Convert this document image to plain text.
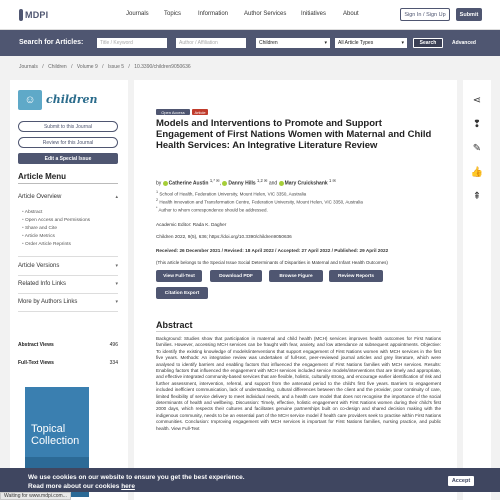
MDPI	Journals	Topics	Information	Author Services Initiatives	About	Sign In / Sign Up	Submit
Search for Articles:	Title / Keyword	Author / Affiliation	Children	▾ All Article Types	▾	Search	Advanced
Journals / Children / Volume 9 / Issue 5 / 10.3390/children9050636
☺ children
Submit to this Journal
Review for this Journal
Edit a Special Issue
Article Menu
Article Overview	▴
• Abstract
• Open Access and Permissions
• Share and Cite
• Article Metrics
• Order Article Reprints
Article Versions	▾
Related Info Links	▾
More by Authors Links	▾
Abstract Views	496
Full-Text Views	334
Topical Collection
Open Access	Article
Models and Interventions to Promote and Support Engagement of First Nations Women with Maternal and Child Health Services: An Integrative Literature Review
by Catherine Austin $^{1,* ✉}$, Danny Hills $^{1,2 ✉}$ and Mary Cruickshank $^{1 ✉}$
$^1$ School of Health, Federation University, Mount Helen, VIC 3350, Australia
$^2$ Health Innovation and Transformation Centre, Federation University, Mount Helen, VIC 3350, Australia
* Author to whom correspondence should be addressed.
Academic Editor: Rada K. Dagher
Children 2022, 9(5), 636; https://doi.org/10.3390/children9050636
Received: 26 December 2021 / Revised: 18 April 2022 / Accepted: 27 April 2022 / Published: 29 April 2022
(This article belongs to the Special Issue Social Determinants of Disparities in Maternal and Infant Health Outcomes)
View Full-Text	Download PDF	Browse Figure	Review Reports
Citation Export
Abstract
Background: Studies show that participation in maternal and child health (MCH) services improves health outcomes for First Nations families. However, accessing MCH services can be fraught with fear, anxiety, and low attendance at subsequent appointments. Objective: To identify the existing knowledge of models/interventions that support engagement of First Nations women with MCH services in the first five years. Methods: An integrative review was undertaken of full-text, peer-reviewed journal articles and grey literature, which were analysed to identify barriers and enabling factors that influenced the engagement of First Nations families with MCH services. Results: Enabling factors that influenced the engagement with MCH services included service models/interventions that are timely and appropriate, and effective integrated community-based services that are flexible, holistic, culturally strong, and encourage earlier identification of risk and further assessment, intervention, referral, and support from the antenatal period to the child's first five years. Barriers to engagement included inefficient communication, lack of understanding, cultural differences between the client and the provider, poor continuity of care, limited flexibility of service delivery to meet individual needs, and a health care model that does not recognise the importance of the social determinants of health and wellbeing. Discussion: Timely, effective, holistic engagement with First Nations women during their child's first 2000 days, which respects their cultures and facilitates genuine partnerships built on co-design and shared decision making with the indigenous community, needs to be an essential part of the MCH service model if health care providers seek to practise within First Nations communities. Conclusion: Improving engagement with MCH services is important for First Nations families, nursing practice, and public health. View Full-Text
⋖
❢
✎
👍
⇞
We use cookies on our website to ensure you get the best experience.
Read more about our cookies here
Accept
Waiting for www.mdpi.com...
